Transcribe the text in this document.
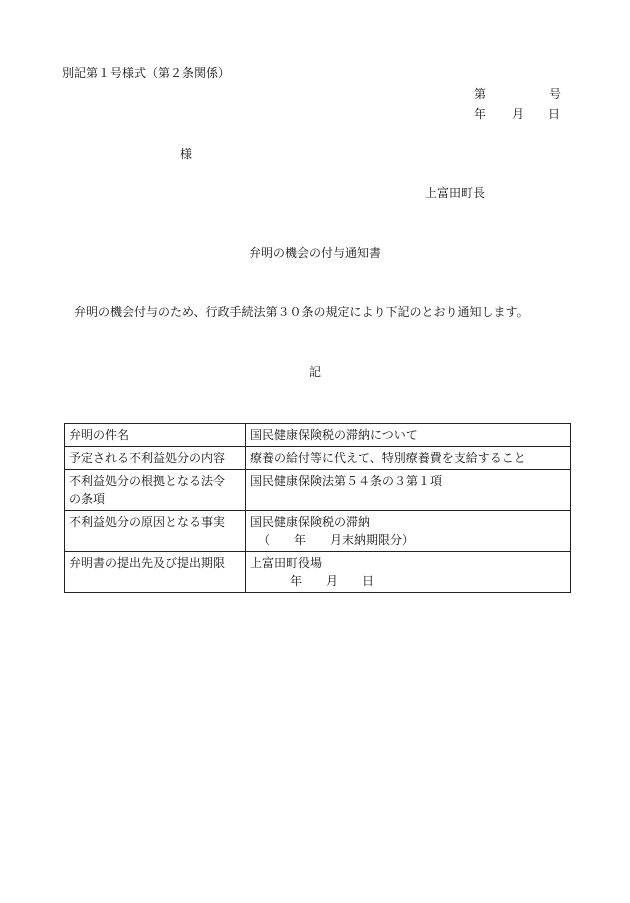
別記第１号様式（第２条関係）
第	号
年 月 日
様
上富田町長
弁明の機会の付与通知書
弁明の機会付与のため、行政手続法第３０条の規定により下記のとおり通知します。
記
弁明の件名	国民健康保険税の滞納について

予定される不利益処分の内容	療養の給付等に代えて、特別療養費を支給すること

不利益処分の根拠となる法令
の条項	国民健康保険法第５４条の３第１項

不利益処分の原因となる事実	国民健康保険税の滞納
（　　年　　月末納期限分）

弁明書の提出先及び提出期限	上富田町役場
年　　月　　日
